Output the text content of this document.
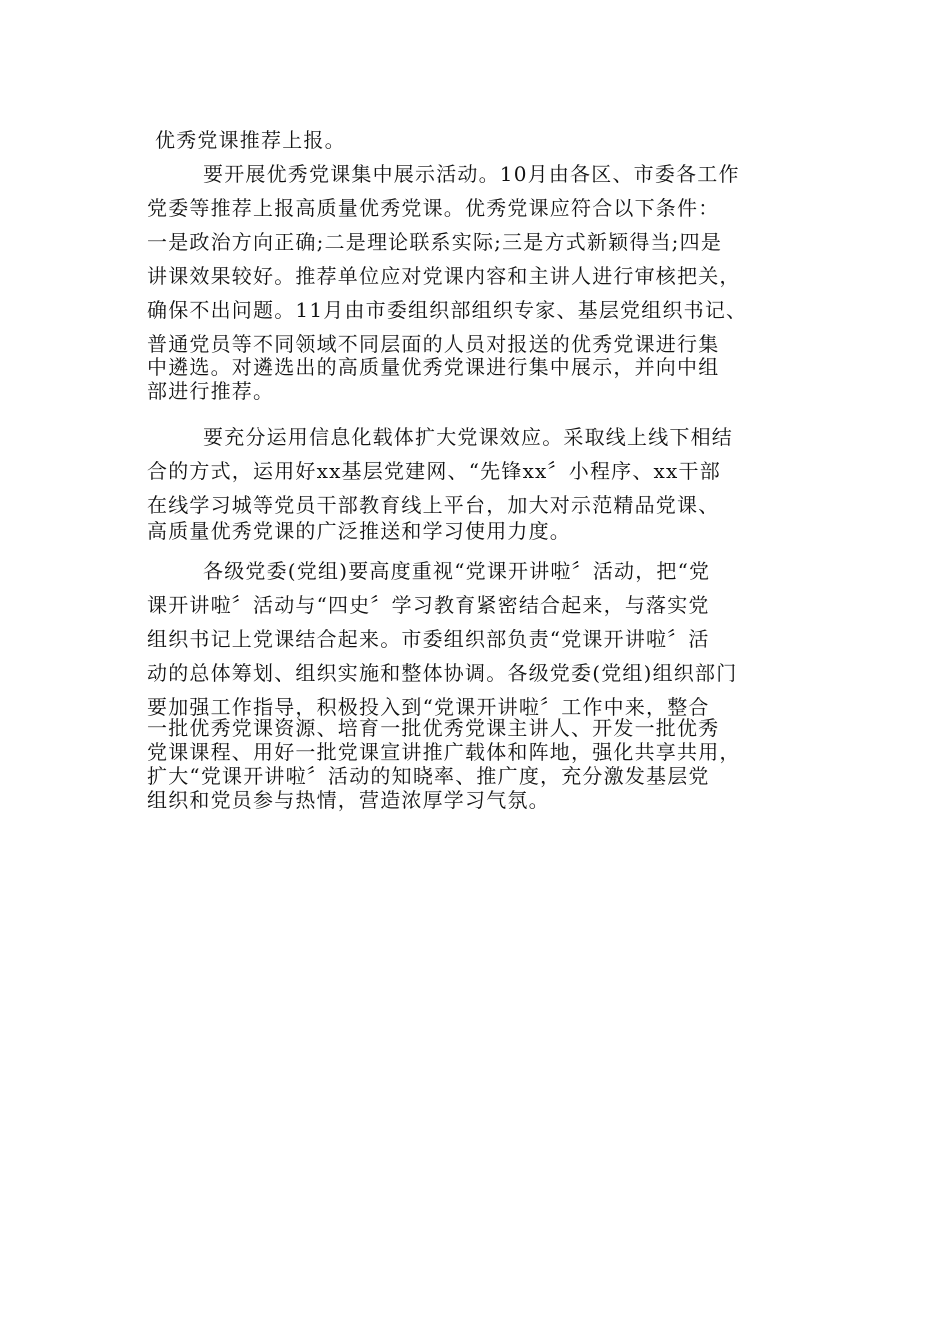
优秀党课推荐上报。
要开展优秀党课集中展示活动。10月由各区、市委各工作
党委等推荐上报高质量优秀党课。优秀党课应符合以下条件：
一是政治方向正确;二是理论联系实际;三是方式新颖得当;四是
讲课效果较好。推荐单位应对党课内容和主讲人进行审核把关，
确保不出问题。11月由市委组织部组织专家、基层党组织书记、
普通党员等不同领域不同层面的人员对报送的优秀党课进行集
中遴选。对遴选出的高质量优秀党课进行集中展示，并向中组
部进行推荐。
要充分运用信息化载体扩大党课效应。采取线上线下相结
合的方式，运用好xx基层党建网、“先锋xx〞小程序、xx干部
在线学习城等党员干部教育线上平台，加大对示范精品党课、
高质量优秀党课的广泛推送和学习使用力度。
各级党委(党组)要高度重视“党课开讲啦〞活动，把“党
课开讲啦〞活动与“四史〞学习教育紧密结合起来，与落实党
组织书记上党课结合起来。市委组织部负责“党课开讲啦〞活
动的总体筹划、组织实施和整体协调。各级党委(党组)组织部门
要加强工作指导，积极投入到“党课开讲啦〞工作中来，整合
一批优秀党课资源、培育一批优秀党课主讲人、开发一批优秀
党课课程、用好一批党课宣讲推广载体和阵地，强化共享共用，
扩大“党课开讲啦〞活动的知晓率、推广度，充分激发基层党
组织和党员参与热情，营造浓厚学习气氛。
